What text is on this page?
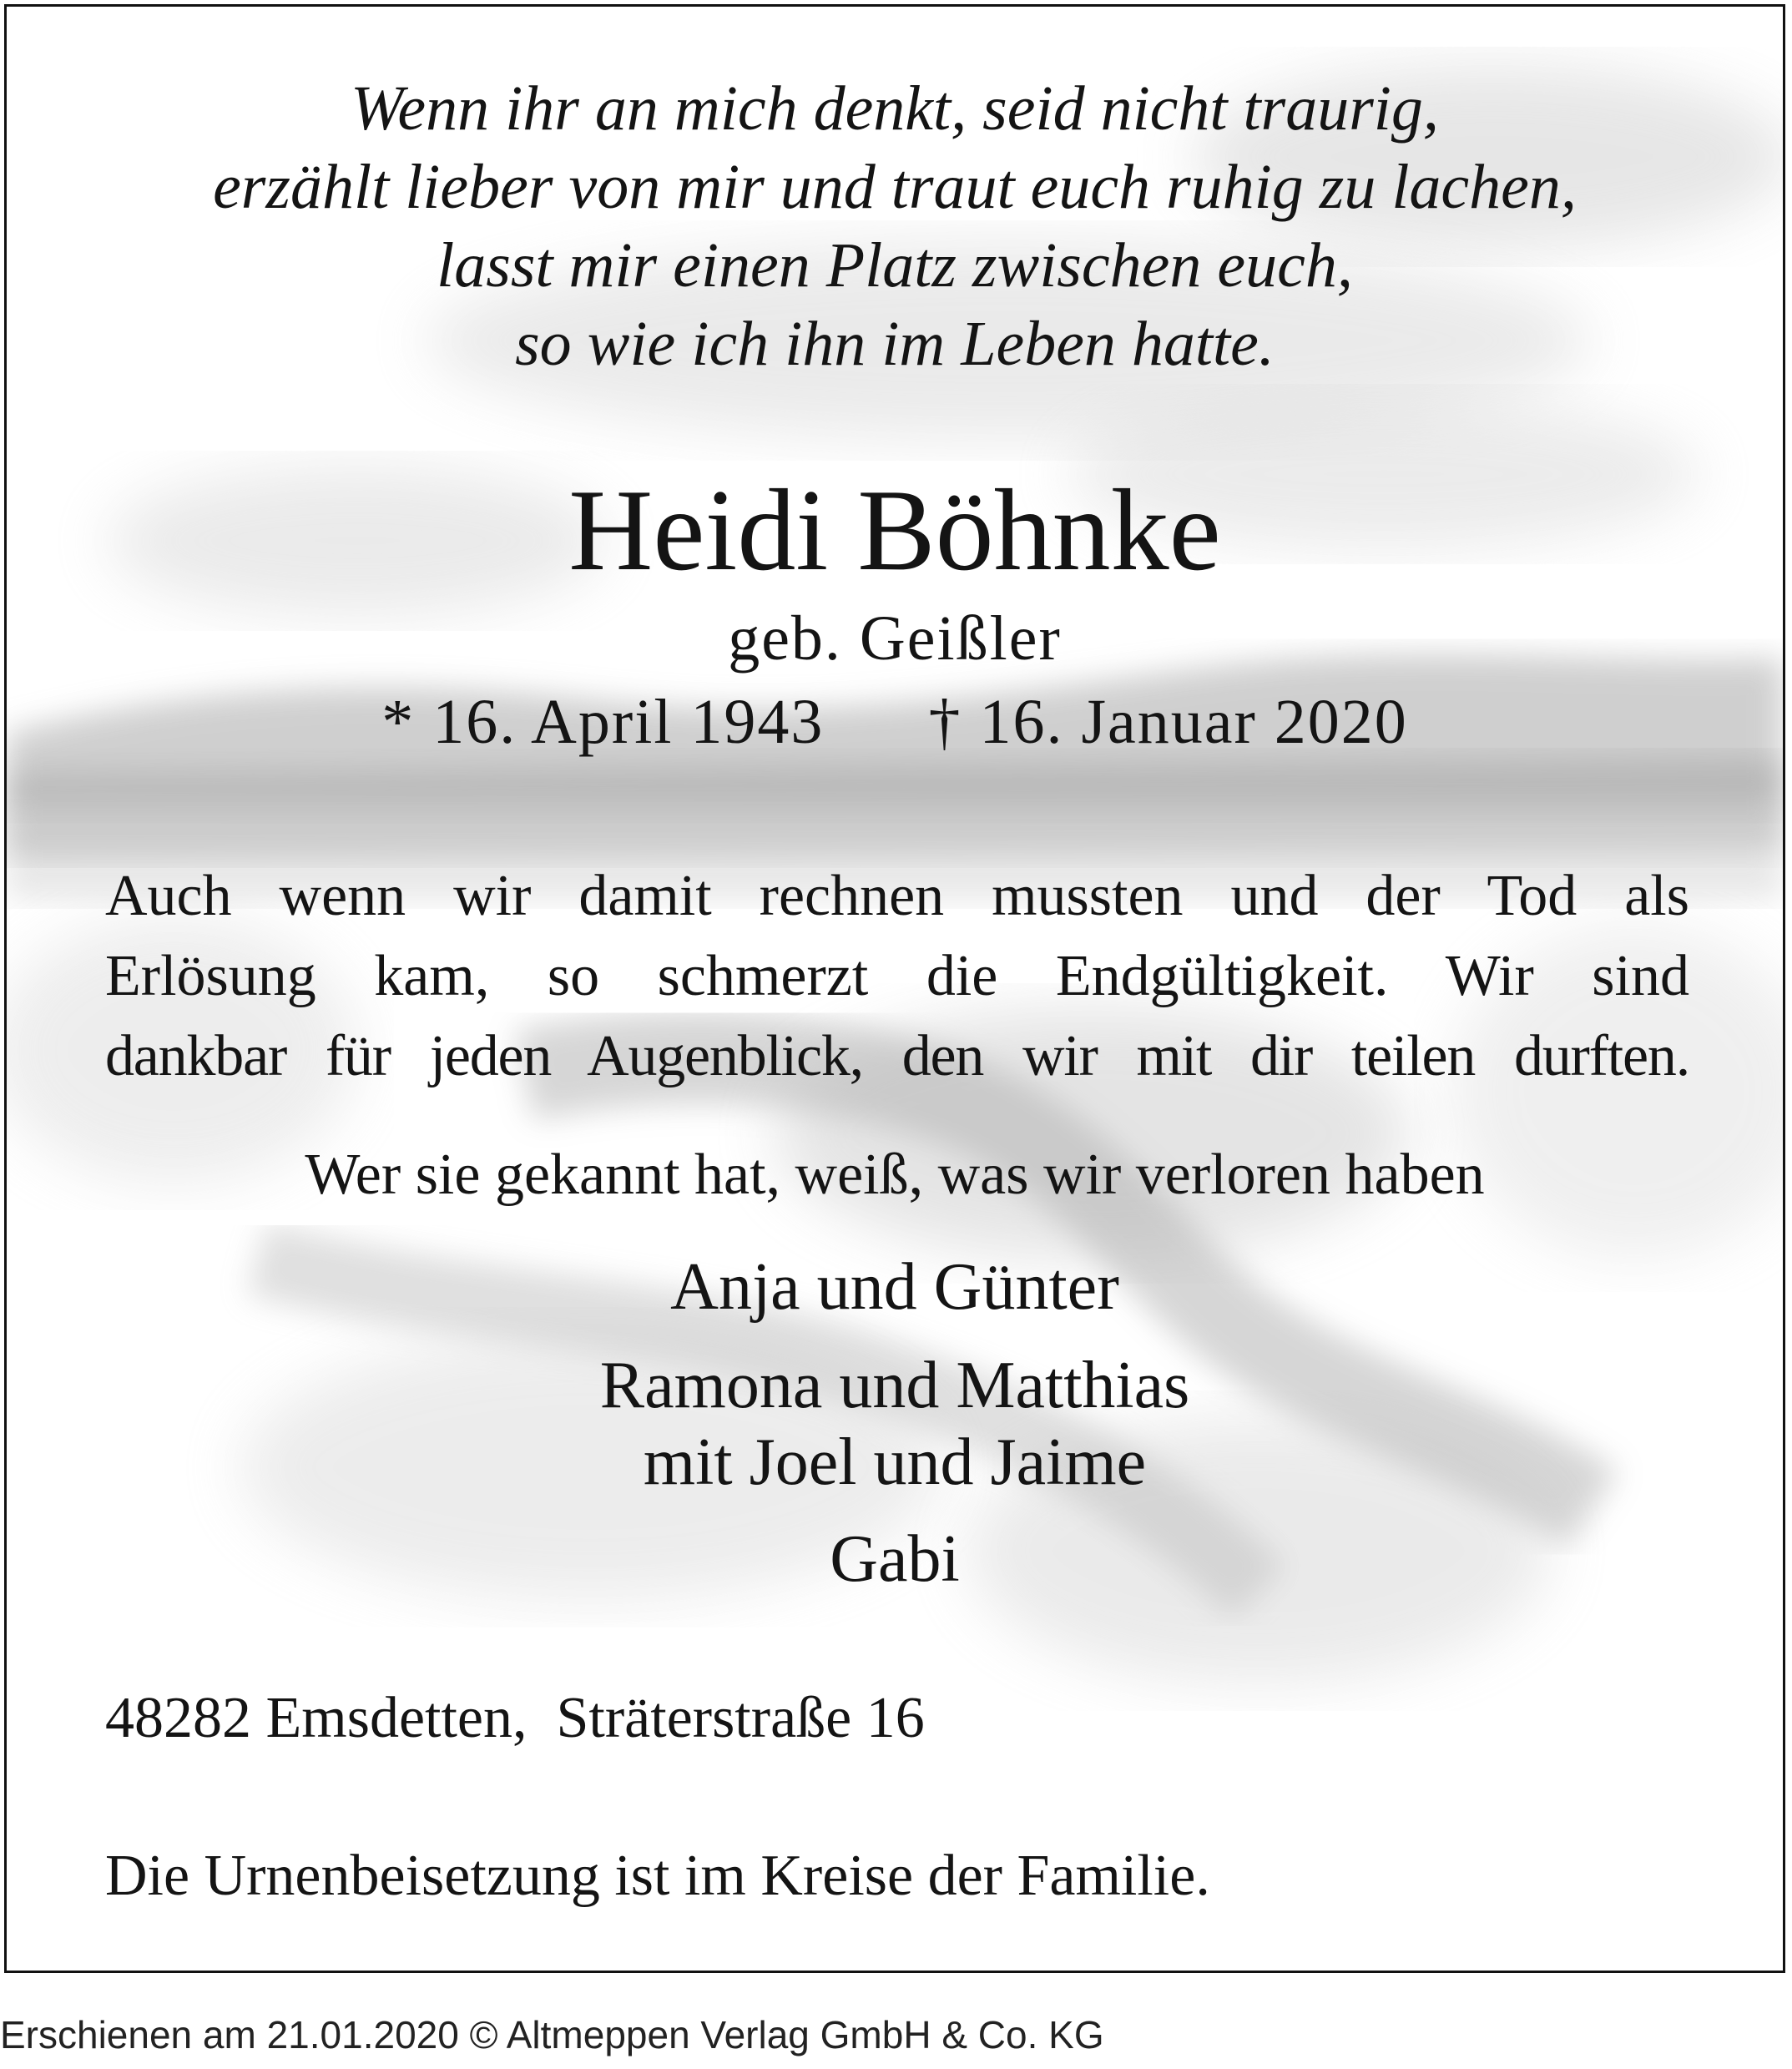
Wenn ihr an mich denkt, seid nicht traurig,
erzählt lieber von mir und traut euch ruhig zu lachen,
lasst mir einen Platz zwischen euch,
so wie ich ihn im Leben hatte.
Heidi Böhnke
geb. Geißler
* 16. April 1943 † 16. Januar 2020
Auch wenn wir damit rechnen mussten und der Tod als
Erlösung kam, so schmerzt die Endgültigkeit. Wir sind
dankbar für jeden Augenblick, den wir mit dir teilen durften.
Wer sie gekannt hat, weiß, was wir verloren haben
Anja und Günter
Ramona und Matthias
mit Joel und Jaime
Gabi
48282 Emsdetten,  Sträterstraße 16
Die Urnenbeisetzung ist im Kreise der Familie.
Erschienen am 21.01.2020 © Altmeppen Verlag GmbH & Co. KG
